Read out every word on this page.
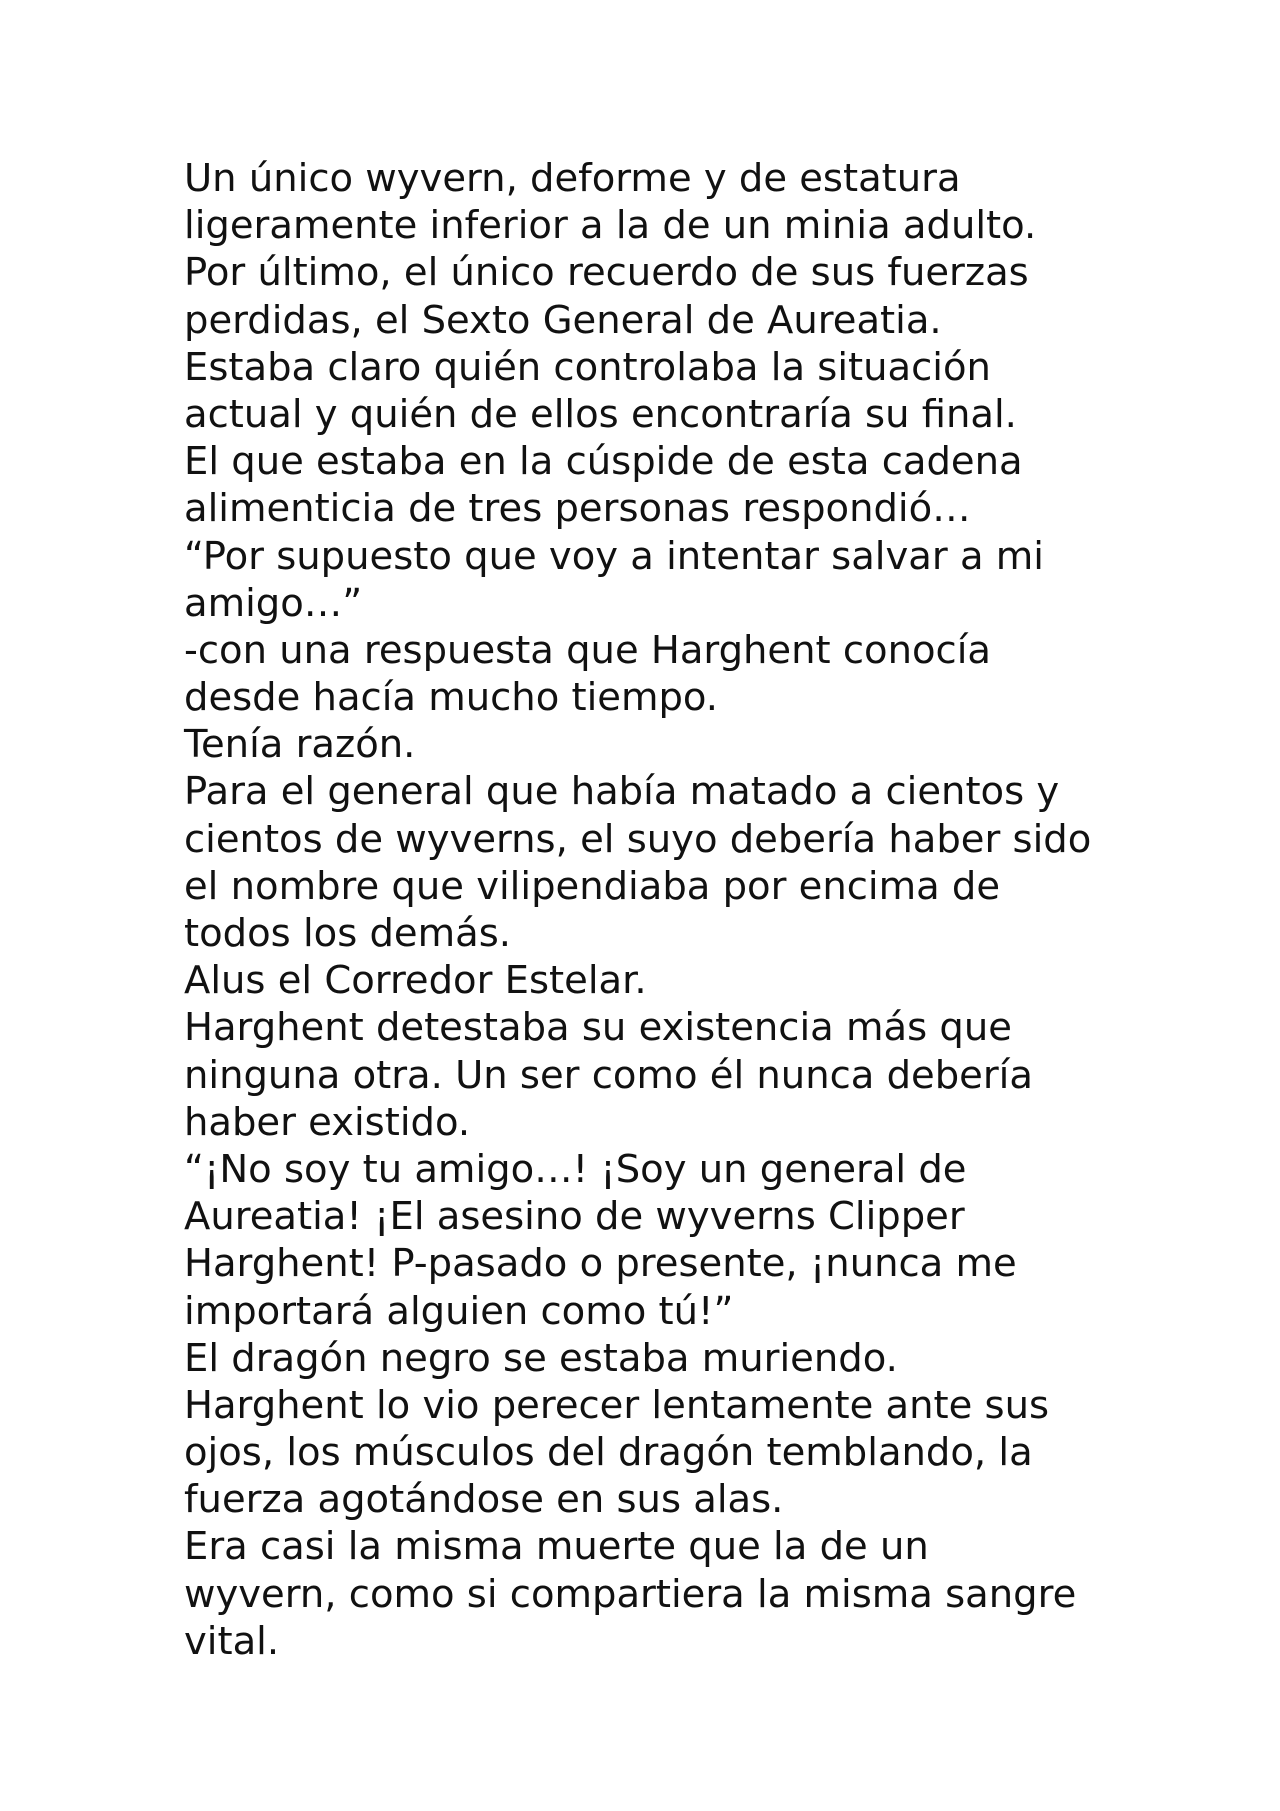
Un único wyvern, deforme y de estatura
ligeramente inferior a la de un minia adulto.
Por último, el único recuerdo de sus fuerzas
perdidas, el Sexto General de Aureatia.
Estaba claro quién controlaba la situación
actual y quién de ellos encontraría su final.
El que estaba en la cúspide de esta cadena
alimenticia de tres personas respondió…
“Por supuesto que voy a intentar salvar a mi
amigo…”
-con una respuesta que Harghent conocía
desde hacía mucho tiempo.
Tenía razón.
Para el general que había matado a cientos y
cientos de wyverns, el suyo debería haber sido
el nombre que vilipendiaba por encima de
todos los demás.
Alus el Corredor Estelar.
Harghent detestaba su existencia más que
ninguna otra. Un ser como él nunca debería
haber existido.
“¡No soy tu amigo…! ¡Soy un general de
Aureatia! ¡El asesino de wyverns Clipper
Harghent! P-pasado o presente, ¡nunca me
importará alguien como tú!”
El dragón negro se estaba muriendo.
Harghent lo vio perecer lentamente ante sus
ojos, los músculos del dragón temblando, la
fuerza agotándose en sus alas.
Era casi la misma muerte que la de un
wyvern, como si compartiera la misma sangre
vital.
